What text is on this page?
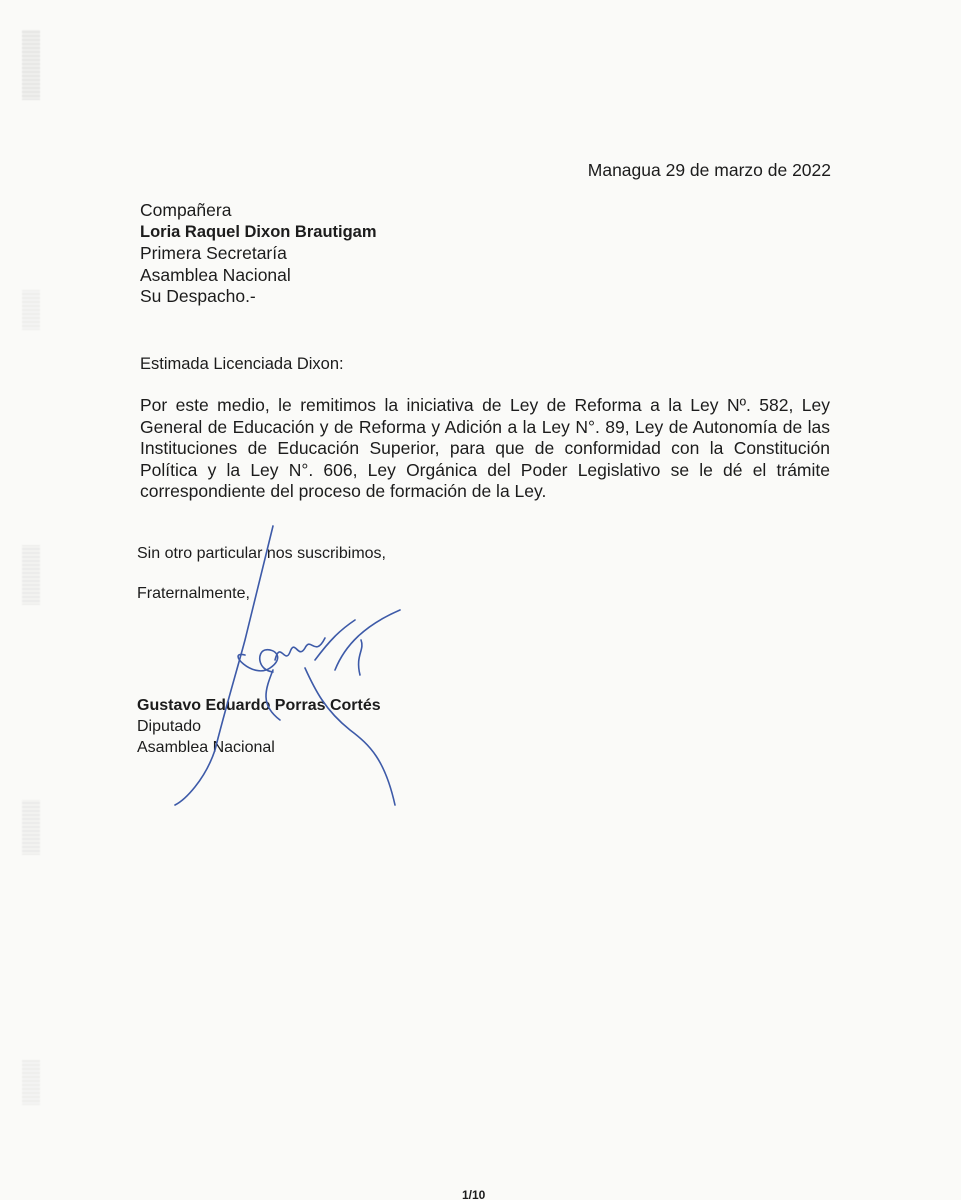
Managua 29 de marzo de 2022
Compañera
Loria Raquel Dixon Brautigam
Primera Secretaría
Asamblea Nacional
Su Despacho.-
Estimada Licenciada Dixon:
Por este medio, le remitimos la iniciativa de Ley de Reforma a la Ley Nº. 582, Ley General de Educación y de Reforma y Adición a la Ley N°. 89, Ley de Autonomía de las Instituciones de Educación Superior, para que de conformidad con la Constitución Política y la Ley N°. 606, Ley Orgánica del Poder Legislativo se le dé el trámite correspondiente del proceso de formación de la Ley.
Sin otro particular nos suscribimos,
Fraternalmente,
Gustavo Eduardo Porras Cortés
Diputado
Asamblea Nacional
1/10
